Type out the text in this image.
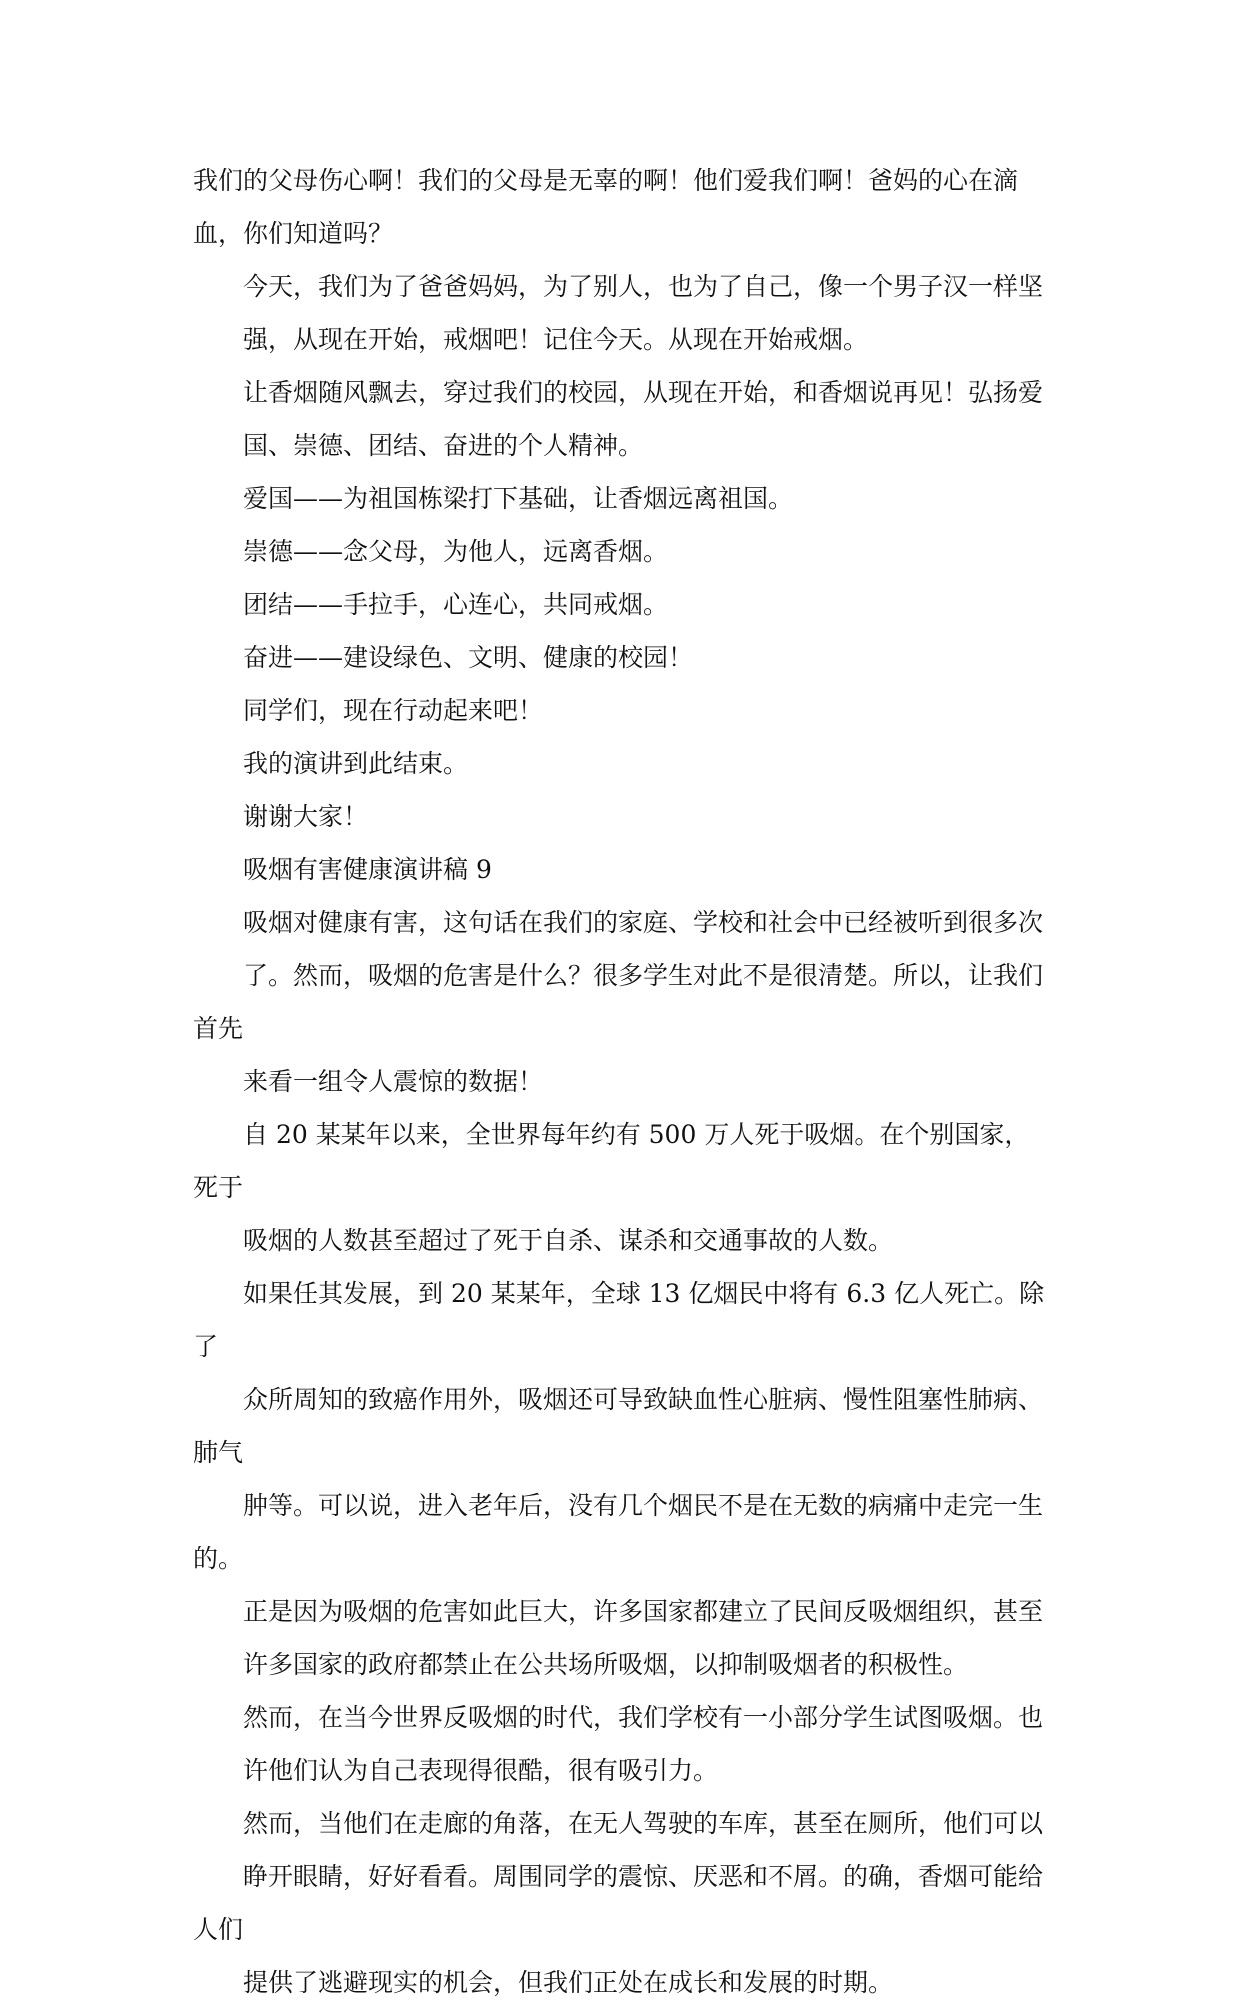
我们的父母伤心啊！我们的父母是无辜的啊！他们爱我们啊！爸妈的心在滴
血，你们知道吗？

今天，我们为了爸爸妈妈，为了别人，也为了自己，像一个男子汉一样坚
强，从现在开始，戒烟吧！记住今天。从现在开始戒烟。

让香烟随风飘去，穿过我们的校园，从现在开始，和香烟说再见！弘扬爱
国、崇德、团结、奋进的个人精神。

爱国——为祖国栋梁打下基础，让香烟远离祖国。

崇德——念父母，为他人，远离香烟。

团结——手拉手，心连心，共同戒烟。

奋进——建设绿色、文明、健康的校园！

同学们，现在行动起来吧！

我的演讲到此结束。

谢谢大家！

吸烟有害健康演讲稿 9

吸烟对健康有害，这句话在我们的家庭、学校和社会中已经被听到很多次
了。然而，吸烟的危害是什么？很多学生对此不是很清楚。所以，让我们首先
来看一组令人震惊的数据！

自 20 某某年以来，全世界每年约有 500 万人死于吸烟。在个别国家，死于
吸烟的人数甚至超过了死于自杀、谋杀和交通事故的人数。

如果任其发展，到 20 某某年，全球 13 亿烟民中将有 6.3 亿人死亡。除了
众所周知的致癌作用外，吸烟还可导致缺血性心脏病、慢性阻塞性肺病、肺气
肿等。可以说，进入老年后，没有几个烟民不是在无数的病痛中走完一生的。

正是因为吸烟的危害如此巨大，许多国家都建立了民间反吸烟组织，甚至
许多国家的政府都禁止在公共场所吸烟，以抑制吸烟者的积极性。

然而，在当今世界反吸烟的时代，我们学校有一小部分学生试图吸烟。也
许他们认为自己表现得很酷，很有吸引力。

然而，当他们在走廊的角落，在无人驾驶的车库，甚至在厕所，他们可以
睁开眼睛，好好看看。周围同学的震惊、厌恶和不屑。的确，香烟可能给人们
提供了逃避现实的机会，但我们正处在成长和发展的时期。
